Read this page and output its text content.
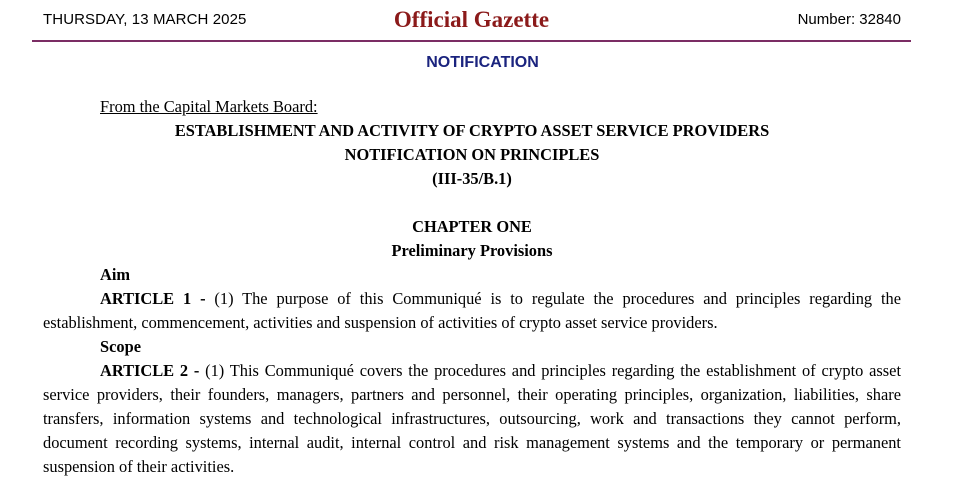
THURSDAY, 13 MARCH 2025	Official Gazette	Number: 32840
NOTIFICATION

From the Capital Markets Board:

ESTABLISHMENT AND ACTIVITY OF CRYPTO ASSET SERVICE PROVIDERS

NOTIFICATION ON PRINCIPLES

(III-35/B.1)

CHAPTER ONE

Preliminary Provisions

Aim

ARTICLE 1 - (1) The purpose of this Communiqué is to regulate the procedures and principles regarding the establishment, commencement, activities and suspension of activities of crypto asset service providers.

Scope

ARTICLE 2 - (1) This Communiqué covers the procedures and principles regarding the establishment of crypto asset service providers, their founders, managers, partners and personnel, their operating principles, organization, liabilities, share transfers, information systems and technological infrastructures, outsourcing, work and transactions they cannot perform, document recording systems, internal audit, internal control and risk management systems and the temporary or permanent suspension of their activities.
